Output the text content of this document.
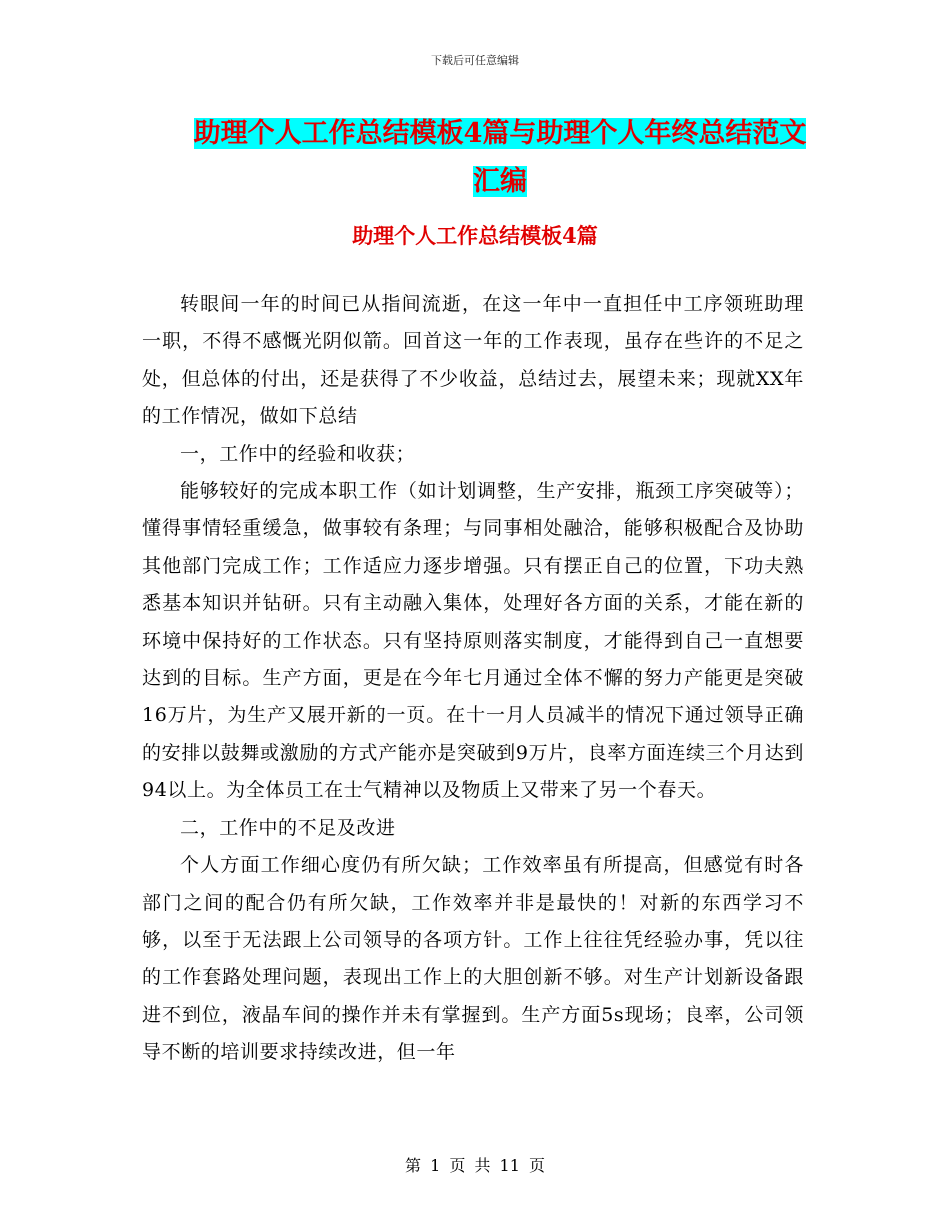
下载后可任意编辑
助理个人工作总结模板4篇与助理个人年终总结范文
汇编
助理个人工作总结模板4篇

转眼间一年的时间已从指间流逝，在这一年中一直担任中工序领班助理一职，不得不感慨光阴似箭。回首这一年的工作表现，虽存在些许的不足之处，但总体的付出，还是获得了不少收益，总结过去，展望未来；现就XX年的工作情况，做如下总结

一，工作中的经验和收获；

能够较好的完成本职工作（如计划调整，生产安排，瓶颈工序突破等）；懂得事情轻重缓急，做事较有条理；与同事相处融洽，能够积极配合及协助其他部门完成工作；工作适应力逐步增强。只有摆正自己的位置，下功夫熟悉基本知识并钻研。只有主动融入集体，处理好各方面的关系，才能在新的环境中保持好的工作状态。只有坚持原则落实制度，才能得到自己一直想要达到的目标。生产方面，更是在今年七月通过全体不懈的努力产能更是突破16万片，为生产又展开新的一页。在十一月人员减半的情况下通过领导正确的安排以鼓舞或激励的方式产能亦是突破到9万片，良率方面连续三个月达到94以上。为全体员工在士气精神以及物质上又带来了另一个春天。

二，工作中的不足及改进

个人方面工作细心度仍有所欠缺；工作效率虽有所提高，但感觉有时各部门之间的配合仍有所欠缺，工作效率并非是最快的！对新的东西学习不够，以至于无法跟上公司领导的各项方针。工作上往往凭经验办事，凭以往的工作套路处理问题，表现出工作上的大胆创新不够。对生产计划新设备跟进不到位，液晶车间的操作并未有掌握到。生产方面5s现场；良率，公司领导不断的培训要求持续改进，但一年

第 1 页 共 11 页
